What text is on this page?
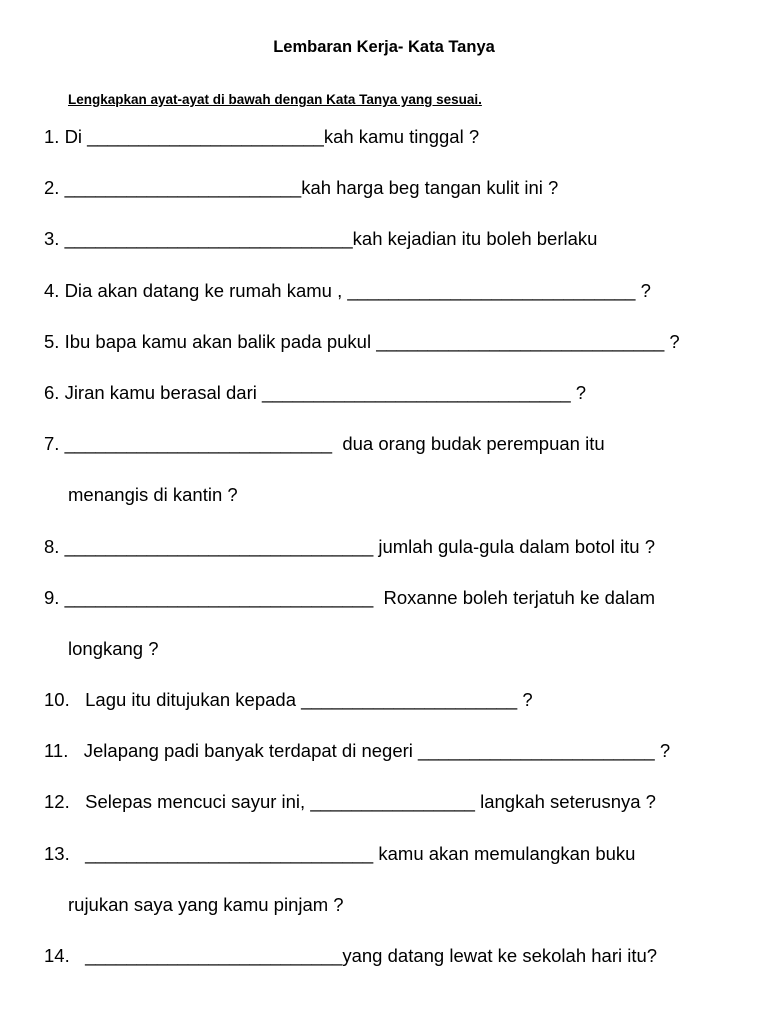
Lembaran Kerja- Kata Tanya
Lengkapkan ayat-ayat di bawah dengan Kata Tanya yang sesuai.
1. Di _______________________kah kamu tinggal ?
2. _______________________kah harga beg tangan kulit ini ?
3. ____________________________kah kejadian itu boleh berlaku
4. Dia akan datang ke rumah kamu , ____________________________ ?
5. Ibu bapa kamu akan balik pada pukul ____________________________ ?
6. Jiran kamu berasal dari ______________________________ ?
7. __________________________  dua orang budak perempuan itu
menangis di kantin ?
8. ______________________________ jumlah gula-gula dalam botol itu ?
9. ______________________________  Roxanne boleh terjatuh ke dalam
longkang ?
10.   Lagu itu ditujukan kepada _____________________ ?
11.   Jelapang padi banyak terdapat di negeri _______________________ ?
12.   Selepas mencuci sayur ini, ________________ langkah seterusnya ?
13.   ____________________________ kamu akan memulangkan buku
rujukan saya yang kamu pinjam ?
14.   _________________________yang datang lewat ke sekolah hari itu?
